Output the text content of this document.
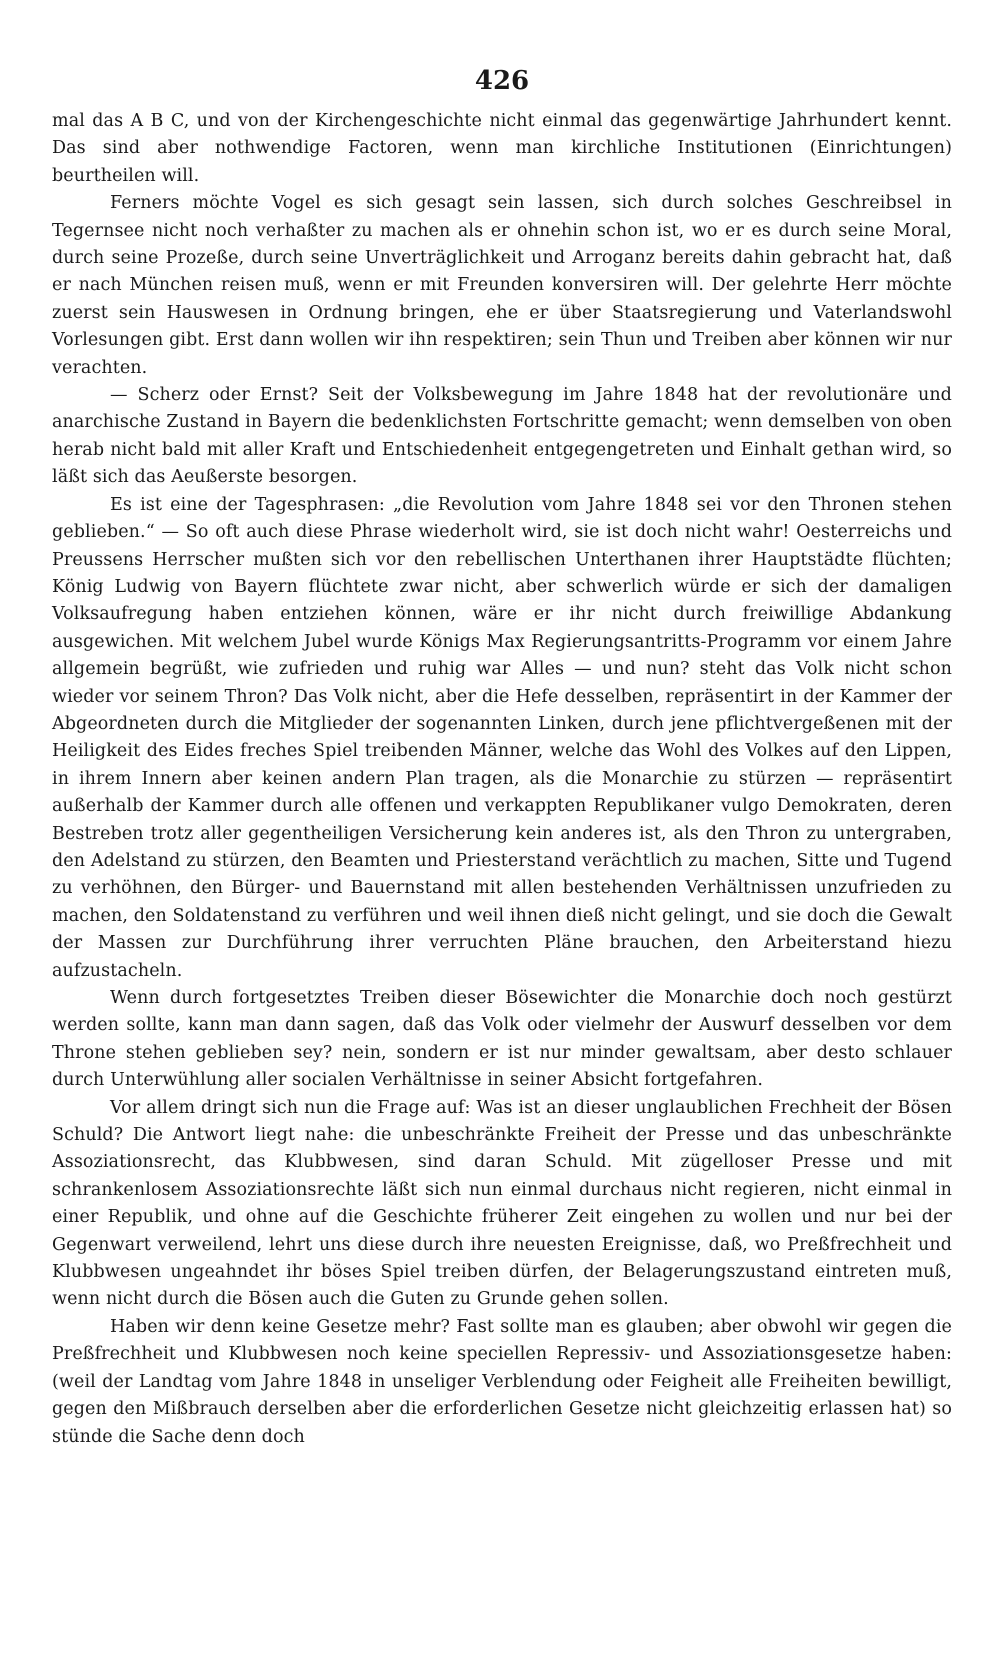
426

mal das A B C, und von der Kirchengeschichte nicht einmal das gegenwärtige Jahrhundert kennt. Das sind aber nothwendige Factoren, wenn man kirchliche Institutionen (Einrichtungen) beurtheilen will.

Ferners möchte Vogel es sich gesagt sein lassen, sich durch solches Geschreibsel in Tegernsee nicht noch verhaßter zu machen als er ohnehin schon ist, wo er es durch seine Moral, durch seine Prozeße, durch seine Unverträglichkeit und Arroganz bereits dahin gebracht hat, daß er nach München reisen muß, wenn er mit Freunden konversiren will. Der gelehrte Herr möchte zuerst sein Hauswesen in Ordnung bringen, ehe er über Staatsregierung und Vaterlandswohl Vorlesungen gibt. Erst dann wollen wir ihn respektiren; sein Thun und Treiben aber können wir nur verachten.

— Scherz oder Ernst? Seit der Volksbewegung im Jahre 1848 hat der revolutionäre und anarchische Zustand in Bayern die bedenklichsten Fortschritte gemacht; wenn demselben von oben herab nicht bald mit aller Kraft und Entschiedenheit entgegengetreten und Einhalt gethan wird, so läßt sich das Aeußerste besorgen.

Es ist eine der Tagesphrasen: „die Revolution vom Jahre 1848 sei vor den Thronen stehen geblieben.“ — So oft auch diese Phrase wiederholt wird, sie ist doch nicht wahr! Oesterreichs und Preussens Herrscher mußten sich vor den rebellischen Unterthanen ihrer Hauptstädte flüchten; König Ludwig von Bayern flüchtete zwar nicht, aber schwerlich würde er sich der damaligen Volksaufregung haben entziehen können, wäre er ihr nicht durch freiwillige Abdankung ausgewichen. Mit welchem Jubel wurde Königs Max Regierungsantritts-Programm vor einem Jahre allgemein begrüßt, wie zufrieden und ruhig war Alles — und nun? steht das Volk nicht schon wieder vor seinem Thron? Das Volk nicht, aber die Hefe desselben, repräsentirt in der Kammer der Abgeordneten durch die Mitglieder der sogenannten Linken, durch jene pflichtvergeßenen mit der Heiligkeit des Eides freches Spiel treibenden Männer, welche das Wohl des Volkes auf den Lippen, in ihrem Innern aber keinen andern Plan tragen, als die Monarchie zu stürzen — repräsentirt außerhalb der Kammer durch alle offenen und verkappten Republikaner vulgo Demokraten, deren Bestreben trotz aller gegentheiligen Versicherung kein anderes ist, als den Thron zu untergraben, den Adelstand zu stürzen, den Beamten und Priesterstand verächtlich zu machen, Sitte und Tugend zu verhöhnen, den Bürger- und Bauernstand mit allen bestehenden Verhältnissen unzufrieden zu machen, den Soldatenstand zu verführen und weil ihnen dieß nicht gelingt, und sie doch die Gewalt der Massen zur Durchführung ihrer verruchten Pläne brauchen, den Arbeiterstand hiezu aufzustacheln.

Wenn durch fortgesetztes Treiben dieser Bösewichter die Monarchie doch noch gestürzt werden sollte, kann man dann sagen, daß das Volk oder vielmehr der Auswurf desselben vor dem Throne stehen geblieben sey? nein, sondern er ist nur minder gewaltsam, aber desto schlauer durch Unterwühlung aller socialen Verhältnisse in seiner Absicht fortgefahren.

Vor allem dringt sich nun die Frage auf: Was ist an dieser unglaublichen Frechheit der Bösen Schuld? Die Antwort liegt nahe: die unbeschränkte Freiheit der Presse und das unbeschränkte Assoziationsrecht, das Klubbwesen, sind daran Schuld. Mit zügelloser Presse und mit schrankenlosem Assoziationsrechte läßt sich nun einmal durchaus nicht regieren, nicht einmal in einer Republik, und ohne auf die Geschichte früherer Zeit eingehen zu wollen und nur bei der Gegenwart verweilend, lehrt uns diese durch ihre neuesten Ereignisse, daß, wo Preßfrechheit und Klubbwesen ungeahndet ihr böses Spiel treiben dürfen, der Belagerungszustand eintreten muß, wenn nicht durch die Bösen auch die Guten zu Grunde gehen sollen.

Haben wir denn keine Gesetze mehr? Fast sollte man es glauben; aber obwohl wir gegen die Preßfrechheit und Klubbwesen noch keine speciellen Repressiv- und Assoziationsgesetze haben: (weil der Landtag vom Jahre 1848 in unseliger Verblendung oder Feigheit alle Freiheiten bewilligt, gegen den Mißbrauch derselben aber die erforderlichen Gesetze nicht gleichzeitig erlassen hat) so stünde die Sache denn doch
